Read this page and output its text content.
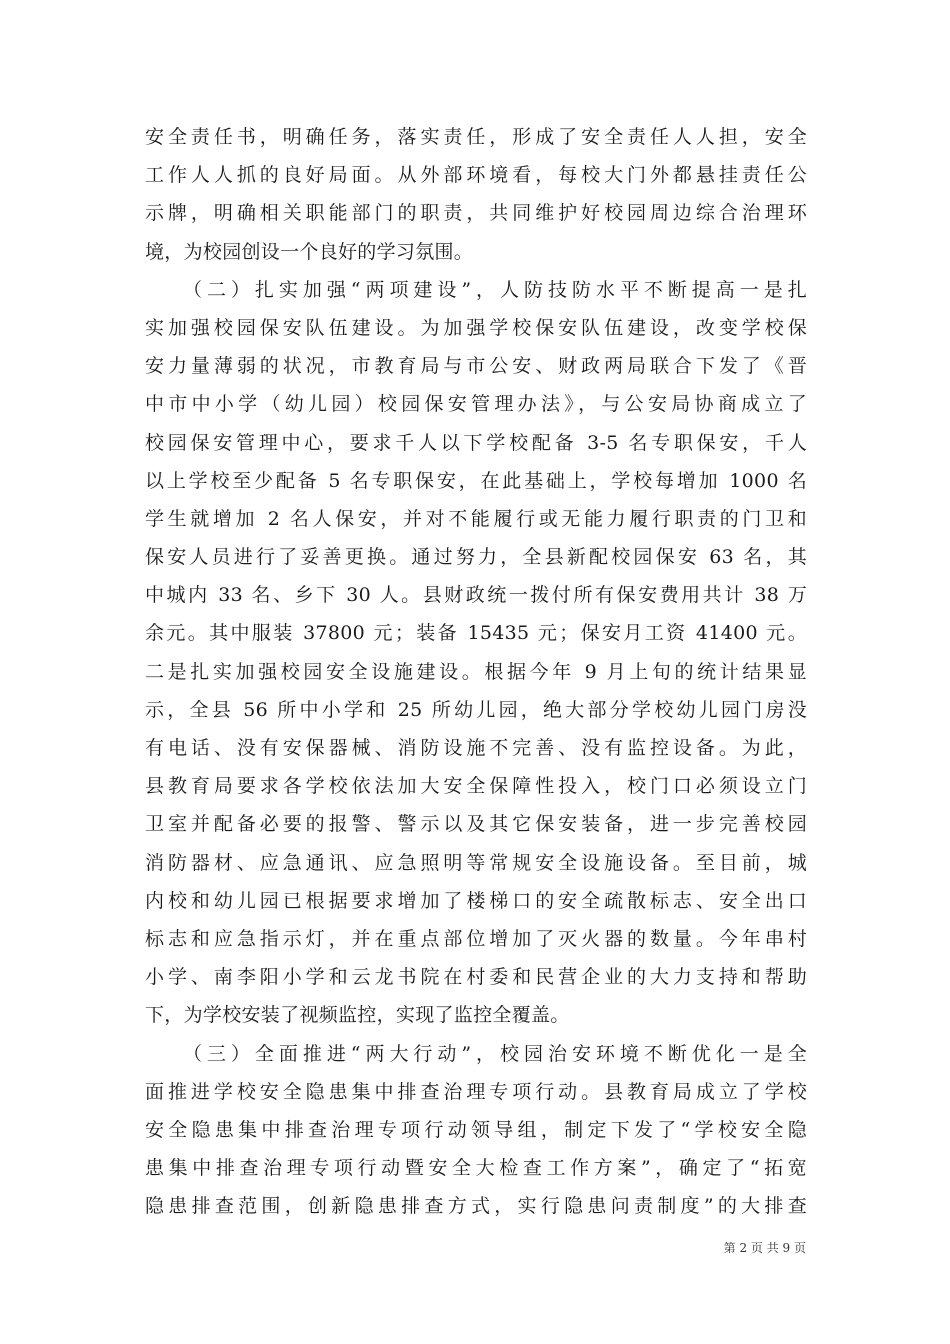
安全责任书，明确任务，落实责任，形成了安全责任人人担，安全
工作人人抓的良好局面。从外部环境看，每校大门外都悬挂责任公
示牌，明确相关职能部门的职责，共同维护好校园周边综合治理环
境，为校园创设一个良好的学习氛围。
（二）扎实加强“两项建设”，人防技防水平不断提高一是扎
实加强校园保安队伍建设。为加强学校保安队伍建设，改变学校保
安力量薄弱的状况，市教育局与市公安、财政两局联合下发了《晋
中市中小学（幼儿园）校园保安管理办法》，与公安局协商成立了
校园保安管理中心，要求千人以下学校配备 3-5 名专职保安，千人
以上学校至少配备 5 名专职保安，在此基础上，学校每增加 1000 名
学生就增加 2 名人保安，并对不能履行或无能力履行职责的门卫和
保安人员进行了妥善更换。通过努力，全县新配校园保安 63 名，其
中城内 33 名、乡下 30 人。县财政统一拨付所有保安费用共计 38 万
余元。其中服装 37800 元；装备 15435 元；保安月工资 41400 元。
二是扎实加强校园安全设施建设。根据今年 9 月上旬的统计结果显
示，全县 56 所中小学和 25 所幼儿园，绝大部分学校幼儿园门房没
有电话、没有安保器械、消防设施不完善、没有监控设备。为此，
县教育局要求各学校依法加大安全保障性投入，校门口必须设立门
卫室并配备必要的报警、警示以及其它保安装备，进一步完善校园
消防器材、应急通讯、应急照明等常规安全设施设备。至目前，城
内校和幼儿园已根据要求增加了楼梯口的安全疏散标志、安全出口
标志和应急指示灯，并在重点部位增加了灭火器的数量。今年串村
小学、南李阳小学和云龙书院在村委和民营企业的大力支持和帮助
下，为学校安装了视频监控，实现了监控全覆盖。
（三）全面推进“两大行动”，校园治安环境不断优化一是全
面推进学校安全隐患集中排查治理专项行动。县教育局成立了学校
安全隐患集中排查治理专项行动领导组，制定下发了“学校安全隐
患集中排查治理专项行动暨安全大检查工作方案”，确定了“拓宽
隐患排查范围，创新隐患排查方式，实行隐患问责制度”的大排查
第 2 页 共 9 页
